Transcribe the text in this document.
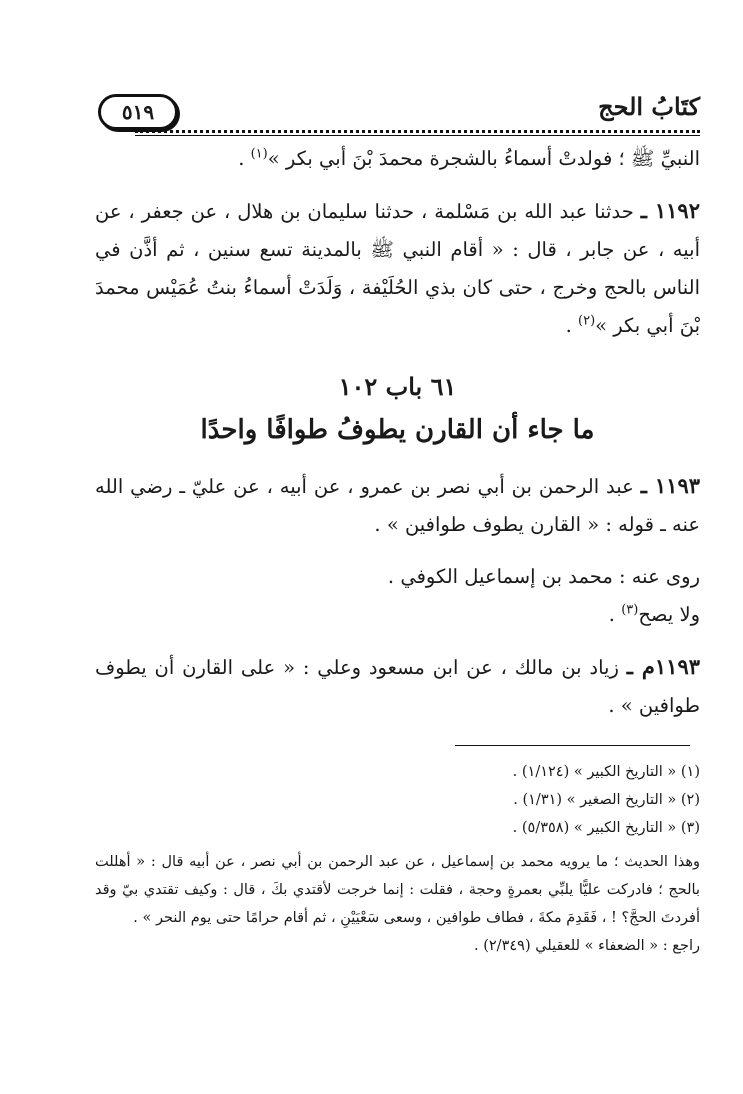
كتَابُ الحج
٥١٩

النبيِّ ﷺ ؛ فولدتْ أسماءُ بالشجرة محمدَ بْنَ أبي بكر »$^{(١)}$ .

١١٩٢ ـ حدثنا عبد الله بن مَسْلمة ، حدثنا سليمان بن هلال ، عن جعفر ، عن أبيه ، عن جابر ، قال : « أقام النبي ﷺ بالمدينة تسع سنين ، ثم أذَّن في الناس بالحج وخرج ، حتى كان بذي الحُلَيْفة ، وَلَدَتْ أسماءُ بنتُ عُمَيْس محمدَ بْنَ أبي بكر »$^{(٢)}$ .

٦١ باب ١٠٢
ما جاء أن القارن يطوفُ طوافًا واحدًا

١١٩٣ ـ عبد الرحمن بن أبي نصر بن عمرو ، عن أبيه ، عن عليّ ـ رضي الله عنه ـ قوله : « القارن يطوف طوافين » .

روى عنه : محمد بن إسماعيل الكوفي .

ولا يصح$^{(٣)}$ .

١١٩٣م ـ زياد بن مالك ، عن ابن مسعود وعلي : « على القارن أن يطوف طوافين » .

(١) « التاريخ الكبير » (١/١٢٤) .

(٢) « التاريخ الصغير » (١/٣١) .

(٣) « التاريخ الكبير » (٥/٣٥٨) .

وهذا الحديث ؛ ما يرويه محمد بن إسماعيل ، عن عبد الرحمن بن أبي نصر ، عن أبيه قال : « أهللت بالحج ؛ فادركت عليًّا يلبِّي بعمرةٍ وحجة ، فقلت : إنما خرجت لأقتدي بكَ ، قال : وكيف تقتدي بيّ وقد أفردتَ الحجَّ؟ ! ، فَقَدِمَ مكةَ ، فطاف طوافين ، وسعى سَعْيَيْنِ ، ثم أقام حرامًا حتى يوم النحر » .

راجع : « الضعفاء » للعقيلي (٢/٣٤٩) .
